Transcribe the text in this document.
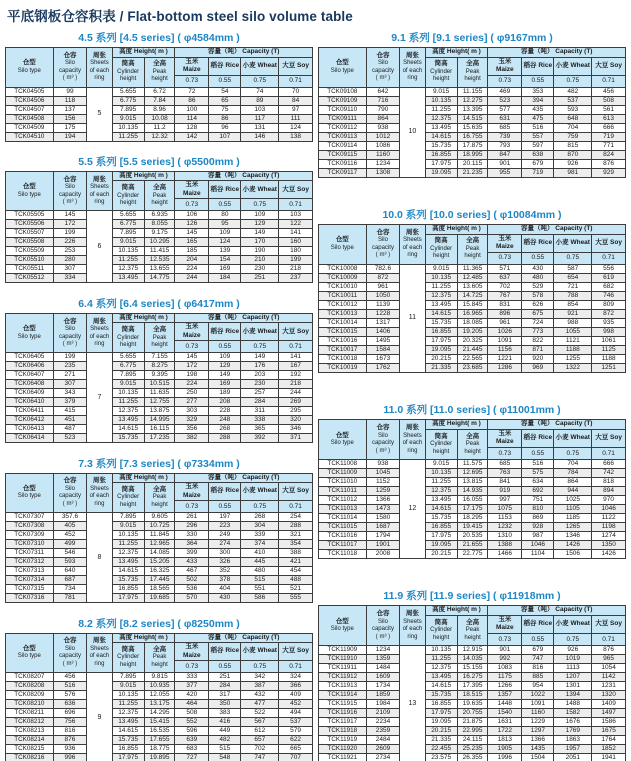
平底钢板仓容积表 / Flat-bottom steel silo volume table
4.5 系列 [4.5 series] ( φ4584mm )
仓型
Silo type	仓容
Silo capacity
( m³ )	周张
Sheets of each ring	高度 Height( m )		容量（吨） Capacity (T)			
			筒高
Cylinder height	全高
Peak height	玉米 Maize	稻谷 Rice	小麦 Wheat	大豆 Soy
					0.73	0.55	0.75	0.71
TCK04505	99	5	5.655	6.72	72	54	74	70
TCK04506	118		6.775	7.84	86	65	89	84
TCK04507	137		7.895	8.96	100	75	103	97
TCK04508	156		9.015	10.08	114	86	117	111
TCK04509	175		10.135	11.2	128	96	131	124
TCK04510	194		11.255	12.32	142	107	146	138
5.5 系列 [5.5 series] ( φ5500mm )
仓型
Silo type	仓容
Silo capacity
( m³ )	周张
Sheets of each ring	高度 Height( m )		容量（吨） Capacity (T)			
			筒高
Cylinder height	全高
Peak height	玉米 Maize	稻谷 Rice	小麦 Wheat	大豆 Soy
					0.73	0.55	0.75	0.71
TCK05505	145	6	5.655	6.935	106	80	109	103
TCK05506	172		6.775	8.055	126	95	129	122
TCK05507	199		7.895	9.175	145	109	149	141
TCK05508	226		9.015	10.295	165	124	170	160
TCK05509	253		10.135	11.415	185	139	190	180
TCK05510	280		11.255	12.535	204	154	210	199
TCK05511	307		12.375	13.655	224	169	230	218
TCK05512	334		13.495	14.775	244	184	251	237
6.4 系列 [6.4 series] ( φ6417mm )
仓型
Silo type	仓容
Silo capacity
( m³ )	周张
Sheets of each ring	高度 Height( m )		容量（吨） Capacity (T)			
			筒高
Cylinder height	全高
Peak height	玉米 Maize	稻谷 Rice	小麦 Wheat	大豆 Soy
					0.73	0.55	0.75	0.71
TCK06405	199	7	5.655	7.155	145	109	149	141
TCK06406	235		6.775	8.275	172	129	176	167
TCK06407	271		7.895	9.395	198	149	203	192
TCK06408	307		9.015	10.515	224	169	230	218
TCK06409	343		10.135	11.635	250	189	257	244
TCK06410	379		11.255	12.755	277	208	284	269
TCK06411	415		12.375	13.875	303	228	311	295
TCK06412	451		13.495	14.995	329	248	338	320
TCK06413	487		14.615	16.115	356	268	365	346
TCK06414	523		15.735	17.235	382	288	392	371
7.3 系列 [7.3 series] ( φ7334mm )
仓型
Silo type	仓容
Silo capacity
( m³ )	周张
Sheets of each ring	高度 Height( m )		容量（吨） Capacity (T)			
			筒高
Cylinder height	全高
Peak height	玉米 Maize	稻谷 Rice	小麦 Wheat	大豆 Soy
					0.73	0.55	0.75	0.71
TCK07307	357.6	8	7.895	9.605	261	197	268	254
TCK07308	405		9.015	10.725	296	223	304	288
TCK07309	452		10.135	11.845	330	249	339	321
TCK07310	499		11.255	12.965	364	274	374	354
TCK07311	546		12.375	14.085	399	300	410	388
TCK07312	593		13.495	15.205	433	326	445	421
TCK07313	640		14.615	16.325	467	352	480	454
TCK07314	687		15.735	17.445	502	378	515	488
TCK07315	734		16.855	18.565	536	404	551	521
TCK07316	781		17.975	19.685	570	430	586	555
8.2 系列 [8.2 series] ( φ8250mm )
仓型
Silo type	仓容
Silo capacity
( m³ )	周张
Sheets of each ring	高度 Height( m )		容量（吨） Capacity (T)			
			筒高
Cylinder height	全高
Peak height	玉米 Maize	稻谷 Rice	小麦 Wheat	大豆 Soy
					0.73	0.55	0.75	0.71
TCK08207	456	9	7.895	9.815	333	251	342	324
TCK08208	516		9.015	10.935	377	284	387	366
TCK08209	576		10.135	12.055	420	317	432	409
TCK08210	636		11.255	13.175	464	350	477	452
TCK08211	696		12.375	14.295	508	383	522	494
TCK08212	756		13.495	15.415	552	416	567	537
TCK08213	816		14.615	16.535	596	449	612	579
TCK08214	876		15.735	17.655	639	482	657	622
TCK08215	936		16.855	18.775	683	515	702	665
TCK08216	996		17.975	19.895	727	548	747	707
9.1 系列 [9.1 series] ( φ9167mm )
仓型
Silo type	仓容
Silo capacity
( m³ )	周张
Sheets of each ring	高度 Height( m )		容量（吨） Capacity (T)			
			筒高
Cylinder height	全高
Peak height	玉米 Maize	稻谷 Rice	小麦 Wheat	大豆 Soy
					0.73	0.55	0.75	0.71
TCK09108	642	10	9.015	11.155	469	353	482	456
TCK09109	716		10.135	12.275	523	394	537	508
TCK09110	790		11.255	13.395	577	435	593	561
TCK09111	864		12.375	14.515	631	475	648	613
TCK09112	938		13.495	15.635	685	516	704	666
TCK09113	1012		14.615	16.755	739	557	759	719
TCK09114	1086		15.735	17.875	793	597	815	771
TCK09115	1160		16.855	18.995	847	638	870	824
TCK09116	1234		17.975	20.115	901	679	926	876
TCK09117	1308		19.095	21.235	955	719	981	929
10.0 系列 [10.0 series] ( φ10084mm )
仓型
Silo type	仓容
Silo capacity
( m³ )	周张
Sheets of each ring	高度 Height( m )		容量（吨） Capacity (T)			
			筒高
Cylinder height	全高
Peak height	玉米 Maize	稻谷 Rice	小麦 Wheat	大豆 Soy
					0.73	0.55	0.75	0.71
TCK10008	782.6	11	9.015	11.365	571	430	587	556
TCK10009	872		10.135	12.485	637	480	654	619
TCK10010	961		11.255	13.605	702	529	721	682
TCK10011	1050		12.375	14.725	767	578	788	746
TCK10012	1139		13.495	15.845	831	626	854	809
TCK10013	1228		14.615	16.965	896	675	921	872
TCK10014	1317		15.735	18.085	961	724	988	935
TCK10015	1406		16.855	19.205	1026	773	1055	998
TCK10016	1495		17.975	20.325	1091	822	1121	1061
TCK10017	1584		19.095	21.445	1156	871	1188	1125
TCK10018	1673		20.215	22.565	1221	920	1255	1188
TCK10019	1762		21.335	23.685	1286	969	1322	1251
11.0 系列 [11.0 series] ( φ11001mm )
仓型
Silo type	仓容
Silo capacity
( m³ )	周张
Sheets of each ring	高度 Height( m )		容量（吨） Capacity (T)			
			筒高
Cylinder height	全高
Peak height	玉米 Maize	稻谷 Rice	小麦 Wheat	大豆 Soy
					0.73	0.55	0.75	0.71
TCK11008	938	12	9.015	11.575	685	516	704	666
TCK11009	1045		10.135	12.695	763	575	784	742
TCK11010	1152		11.255	13.815	841	634	864	818
TCK11011	1259		12.375	14.935	919	692	944	894
TCK11012	1366		13.495	16.055	997	751	1025	970
TCK11013	1473		14.615	17.175	1075	810	1105	1046
TCK11014	1580		15.735	18.295	1153	869	1185	1122
TCK11015	1687		16.855	19.415	1232	928	1265	1198
TCK11016	1794		17.975	20.535	1310	987	1346	1274
TCK11017	1901		19.095	21.655	1388	1046	1426	1350
TCK11018	2008		20.215	22.775	1466	1104	1506	1426
11.9 系列 [11.9 series] ( φ11918mm )
仓型
Silo type	仓容
Silo capacity
( m³ )	周张
Sheets of each ring	高度 Height( m )		容量（吨） Capacity (T)			
			筒高
Cylinder height	全高
Peak height	玉米 Maize	稻谷 Rice	小麦 Wheat	大豆 Soy
					0.73	0.55	0.75	0.71
TCK11909	1234	13	10.135	12.915	901	679	926	876
TCK11910	1359		11.255	14.035	992	747	1019	965
TCK11911	1484		12.375	15.155	1083	816	1113	1054
TCK11912	1609		13.495	16.275	1175	885	1207	1142
TCK11913	1734		14.615	17.395	1266	954	1301	1231
TCK11914	1859		15.735	18.515	1357	1022	1394	1320
TCK11915	1984		16.855	19.635	1448	1091	1488	1409
TCK11916	2109		17.975	20.755	1540	1160	1582	1497
TCK11917	2234		19.095	21.875	1631	1229	1676	1586
TCK11918	2359		20.215	22.995	1722	1297	1769	1675
TCK11919	2484		21.335	24.115	1813	1366	1863	1764
TCK11920	2609		22.455	25.235	1905	1435	1957	1852
TCK11921	2734		23.575	26.355	1996	1504	2051	1941
